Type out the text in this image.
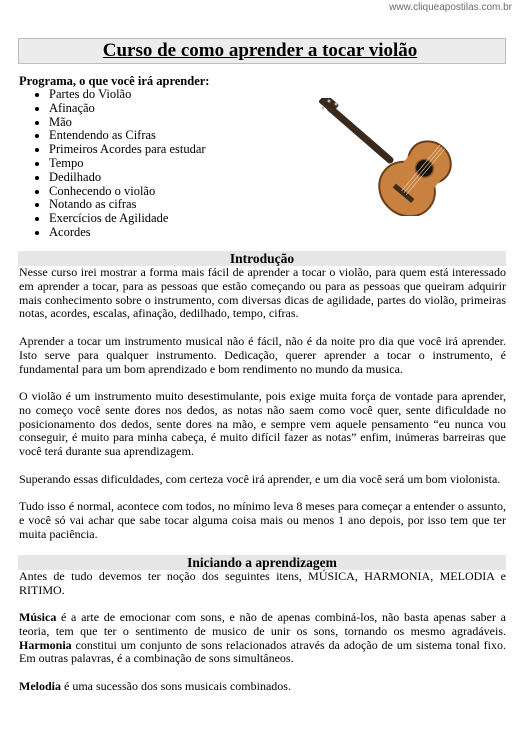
www.cliqueapostilas.com.br
Curso de como aprender a tocar violão
Programa, o que você irá aprender:
• Partes do Violão
• Afinação
• Mão
• Entendendo as Cifras
• Primeiros Acordes para estudar
• Tempo
• Dedilhado
• Conhecendo o violão
• Notando as cifras
• Exercícios de Agilidade
• Acordes
Introdução

Nesse curso irei mostrar a forma mais fácil de aprender a tocar o violão, para quem está interessado em aprender a tocar, para as pessoas que estão começando ou para as pessoas que queiram adquirir mais conhecimento sobre o instrumento, com diversas dicas de agilidade, partes do violão, primeiras notas, acordes, escalas, afinação, dedilhado, tempo, cifras.

Aprender a tocar um instrumento musical não é fácil, não é da noite pro dia que você irá aprender. Isto serve para qualquer instrumento. Dedicação, querer aprender a tocar o instrumento, é fundamental para um bom aprendizado e bom rendimento no mundo da musica.

O violão é um instrumento muito desestimulante, pois exige muita força de vontade para aprender, no começo você sente dores nos dedos, as notas não saem como você quer, sente dificuldade no posicionamento dos dedos, sente dores na mão, e sempre vem aquele pensamento “eu nunca vou conseguir, é muito para minha cabeça, é muito difícil fazer as notas” enfim, inúmeras barreiras que você terá durante sua aprendizagem.

Superando essas dificuldades, com certeza você irá aprender, e um dia você será um bom violonista.

Tudo isso é normal, acontece com todos, no mínimo leva 8 meses para começar a entender o assunto, e você só vai achar que sabe tocar alguma coisa mais ou menos 1 ano depois, por isso tem que ter muita paciência.

Iniciando a aprendizagem

Antes de tudo devemos ter noção dos seguintes itens, MÚSICA, HARMONIA, MELODIA e RITIMO.

Música é a arte de emocionar com sons, e não de apenas combiná-los, não basta apenas saber a teoria, tem que ter o sentimento de musico de unir os sons, tornando os mesmo agradáveis. Harmonia constitui um conjunto de sons relacionados através da adoção de um sistema tonal fixo. Em outras palavras, é a combinação de sons simultâneos.

Melodia é uma sucessão dos sons musicais combinados.
